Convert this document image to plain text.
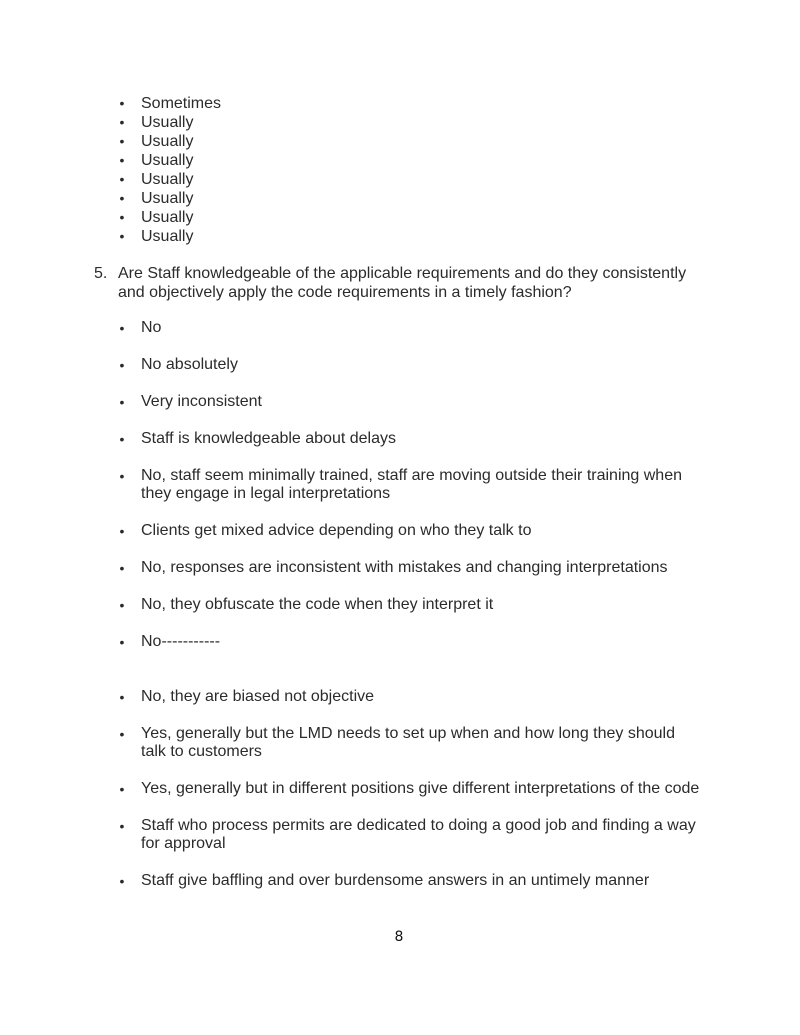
• Sometimes
• Usually
• Usually
• Usually
• Usually
• Usually
• Usually
• Usually
5. Are Staff knowledgeable of the applicable requirements and do they consistently and objectively apply the code requirements in a timely fashion?
• No
• No absolutely
• Very inconsistent
• Staff is knowledgeable about delays
• No, staff seem minimally trained, staff are moving outside their training when they engage in legal interpretations
• Clients get mixed advice depending on who they talk to
• No, responses are inconsistent with mistakes and changing interpretations
• No, they obfuscate the code when they interpret it
• No-----------
• No, they are biased not objective
• Yes, generally but the LMD needs to set up when and how long they should talk to customers
• Yes, generally but in different positions give different interpretations of the code
• Staff who process permits are dedicated to doing a good job and finding a way for approval
• Staff give baffling and over burdensome answers in an untimely manner
8
